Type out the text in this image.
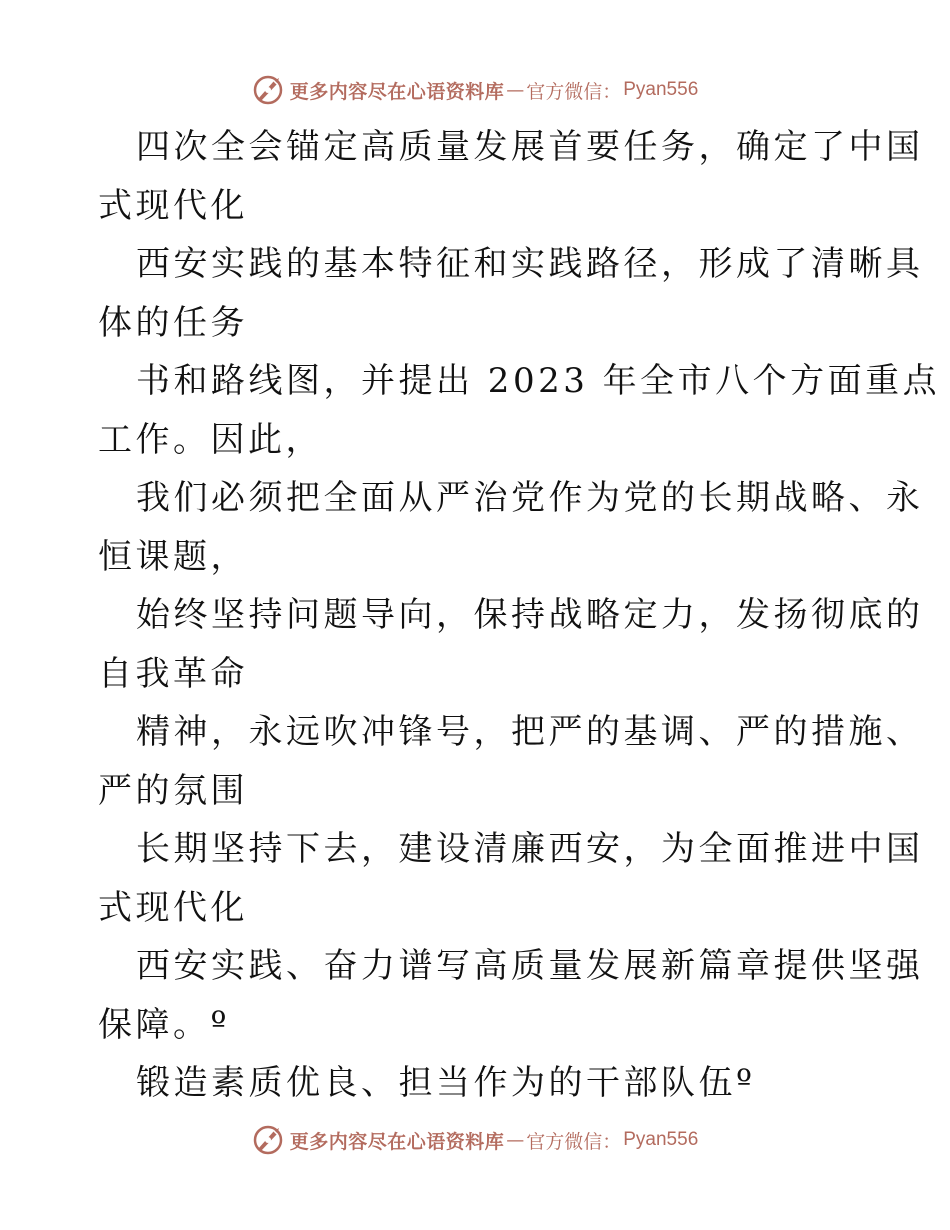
更多内容尽在心语资料库 — 官方微信： Pyan556
四次全会锚定高质量发展首要任务，确定了中国
式现代化
西安实践的基本特征和实践路径，形成了清晰具
体的任务
书和路线图，并提出 2023 年全市八个方面重点
工作。因此，
我们必须把全面从严治党作为党的长期战略、永
恒课题，
始终坚持问题导向，保持战略定力，发扬彻底的
自我革命
精神，永远吹冲锋号，把严的基调、严的措施、
严的氛围
长期坚持下去，建设清廉西安，为全面推进中国
式现代化
西安实践、奋力谱写高质量发展新篇章提供坚强
保障。º
锻造素质优良、担当作为的干部队伍º
更多内容尽在心语资料库 — 官方微信： Pyan556
